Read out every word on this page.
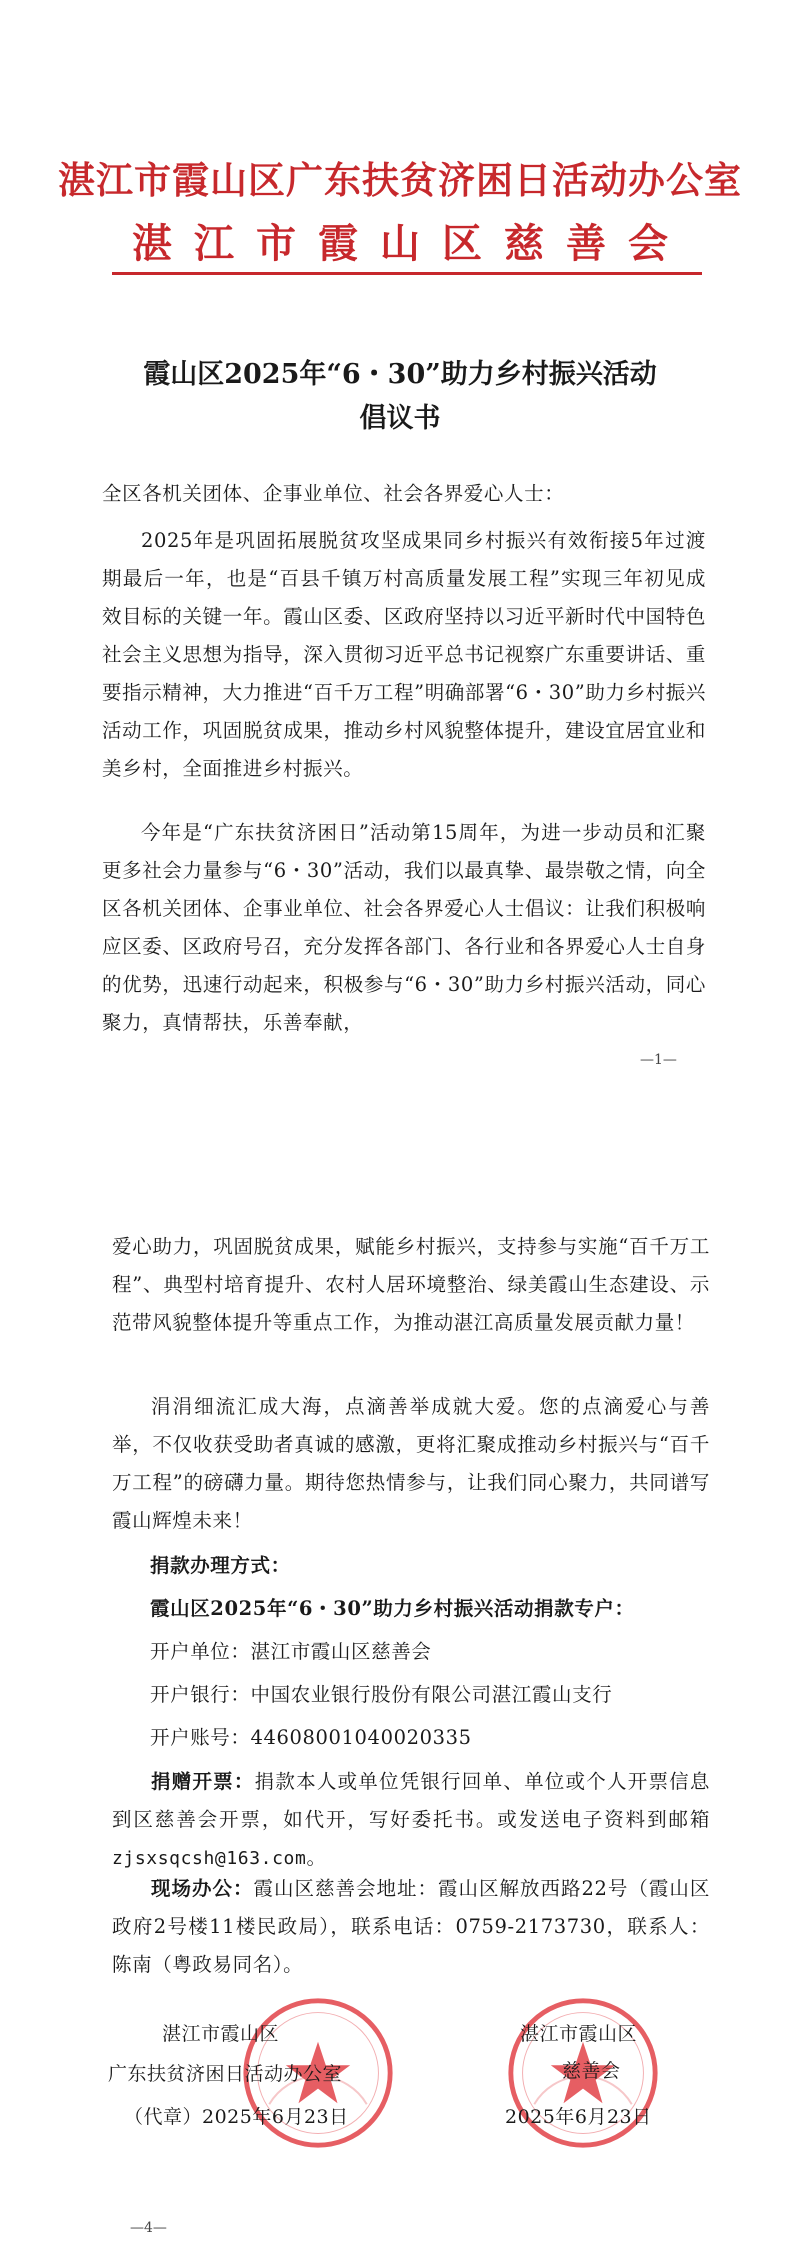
湛江市霞山区广东扶贫济困日活动办公室
湛江市霞山区慈善会
霞山区2025年“6・30”助力乡村振兴活动
倡议书

全区各机关团体、企事业单位、社会各界爱心人士：

2025年是巩固拓展脱贫攻坚成果同乡村振兴有效衔接5年过渡期最后一年，也是“百县千镇万村高质量发展工程”实现三年初见成效目标的关键一年。霞山区委、区政府坚持以习近平新时代中国特色社会主义思想为指导，深入贯彻习近平总书记视察广东重要讲话、重要指示精神，大力推进“百千万工程”明确部署“6・30”助力乡村振兴活动工作，巩固脱贫成果，推动乡村风貌整体提升，建设宜居宜业和美乡村，全面推进乡村振兴。

今年是“广东扶贫济困日”活动第15周年，为进一步动员和汇聚更多社会力量参与“6・30”活动，我们以最真挚、最崇敬之情，向全区各机关团体、企事业单位、社会各界爱心人士倡议：让我们积极响应区委、区政府号召，充分发挥各部门、各行业和各界爱心人士自身的优势，迅速行动起来，积极参与“6・30”助力乡村振兴活动，同心聚力，真情帮扶，乐善奉献，

—1—

爱心助力，巩固脱贫成果，赋能乡村振兴，支持参与实施“百千万工程”、典型村培育提升、农村人居环境整治、绿美霞山生态建设、示范带风貌整体提升等重点工作，为推动湛江高质量发展贡献力量！

涓涓细流汇成大海，点滴善举成就大爱。您的点滴爱心与善举，不仅收获受助者真诚的感激，更将汇聚成推动乡村振兴与“百千万工程”的磅礴力量。期待您热情参与，让我们同心聚力，共同谱写霞山辉煌未来！

捐款办理方式：
霞山区2025年“6・30”助力乡村振兴活动捐款专户：
开户单位：湛江市霞山区慈善会
开户银行：中国农业银行股份有限公司湛江霞山支行
开户账号：44608001040020335

捐赠开票：捐款本人或单位凭银行回单、单位或个人开票信息到区慈善会开票，如代开，写好委托书。或发送电子资料到邮箱 zjsxsqcsh@163.com。

现场办公：霞山区慈善会地址：霞山区解放西路22号（霞山区政府2号楼11楼民政局），联系电话：0759-2173730，联系人：陈南（粤政易同名）。

湛江市霞山区
广东扶贫济困日活动办公室
（代章）2025年6月23日
湛江市霞山区
慈善会
2025年6月23日
—4—
